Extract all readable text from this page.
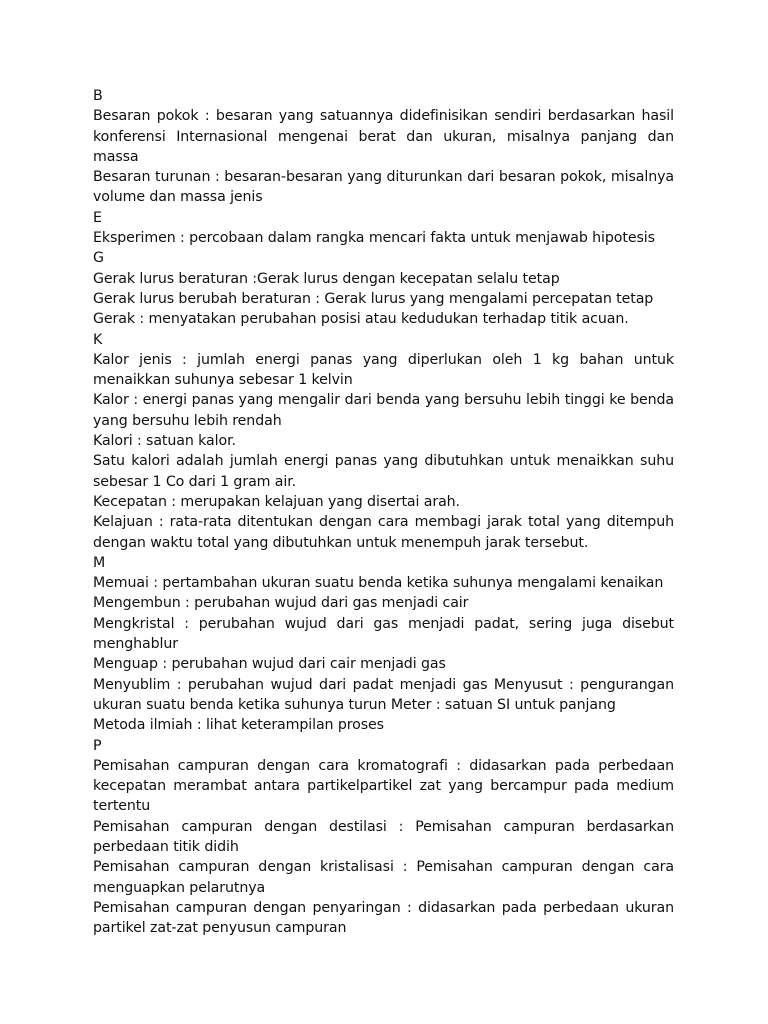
B

Besaran pokok : besaran yang satuannya didefinisikan sendiri berdasarkan hasil konferensi Internasional mengenai berat dan ukuran, misalnya panjang dan massa

Besaran turunan : besaran-besaran yang diturunkan dari besaran pokok, misalnya volume dan massa jenis

E

Eksperimen : percobaan dalam rangka mencari fakta untuk menjawab hipotesis

G

Gerak lurus beraturan :Gerak lurus dengan kecepatan selalu tetap

Gerak lurus berubah beraturan : Gerak lurus yang mengalami percepatan tetap

Gerak : menyatakan perubahan posisi atau kedudukan terhadap titik acuan.

K

Kalor jenis : jumlah energi panas yang diperlukan oleh 1 kg bahan untuk menaikkan suhunya sebesar 1 kelvin

Kalor : energi panas yang mengalir dari benda yang bersuhu lebih tinggi ke benda yang bersuhu lebih rendah

Kalori : satuan kalor.

Satu kalori adalah jumlah energi panas yang dibutuhkan untuk menaikkan suhu sebesar 1 Co dari 1 gram air.

Kecepatan : merupakan kelajuan yang disertai arah.

Kelajuan : rata-rata ditentukan dengan cara membagi jarak total yang ditempuh dengan waktu total yang dibutuhkan untuk menempuh jarak tersebut.

M

Memuai : pertambahan ukuran suatu benda ketika suhunya mengalami kenaikan

Mengembun : perubahan wujud dari gas menjadi cair

Mengkristal : perubahan wujud dari gas menjadi padat, sering juga disebut menghablur

Menguap : perubahan wujud dari cair menjadi gas

Menyublim : perubahan wujud dari padat menjadi gas Menyusut : pengurangan ukuran suatu benda ketika suhunya turun Meter : satuan SI untuk panjang

Metoda ilmiah : lihat keterampilan proses

P

Pemisahan campuran dengan cara kromatografi : didasarkan pada perbedaan kecepatan merambat antara partikelpartikel zat yang bercampur pada medium tertentu

Pemisahan campuran dengan destilasi : Pemisahan campuran berdasarkan perbedaan titik didih

Pemisahan campuran dengan kristalisasi : Pemisahan campuran dengan cara menguapkan pelarutnya

Pemisahan campuran dengan penyaringan : didasarkan pada perbedaan ukuran partikel zat-zat penyusun campuran
